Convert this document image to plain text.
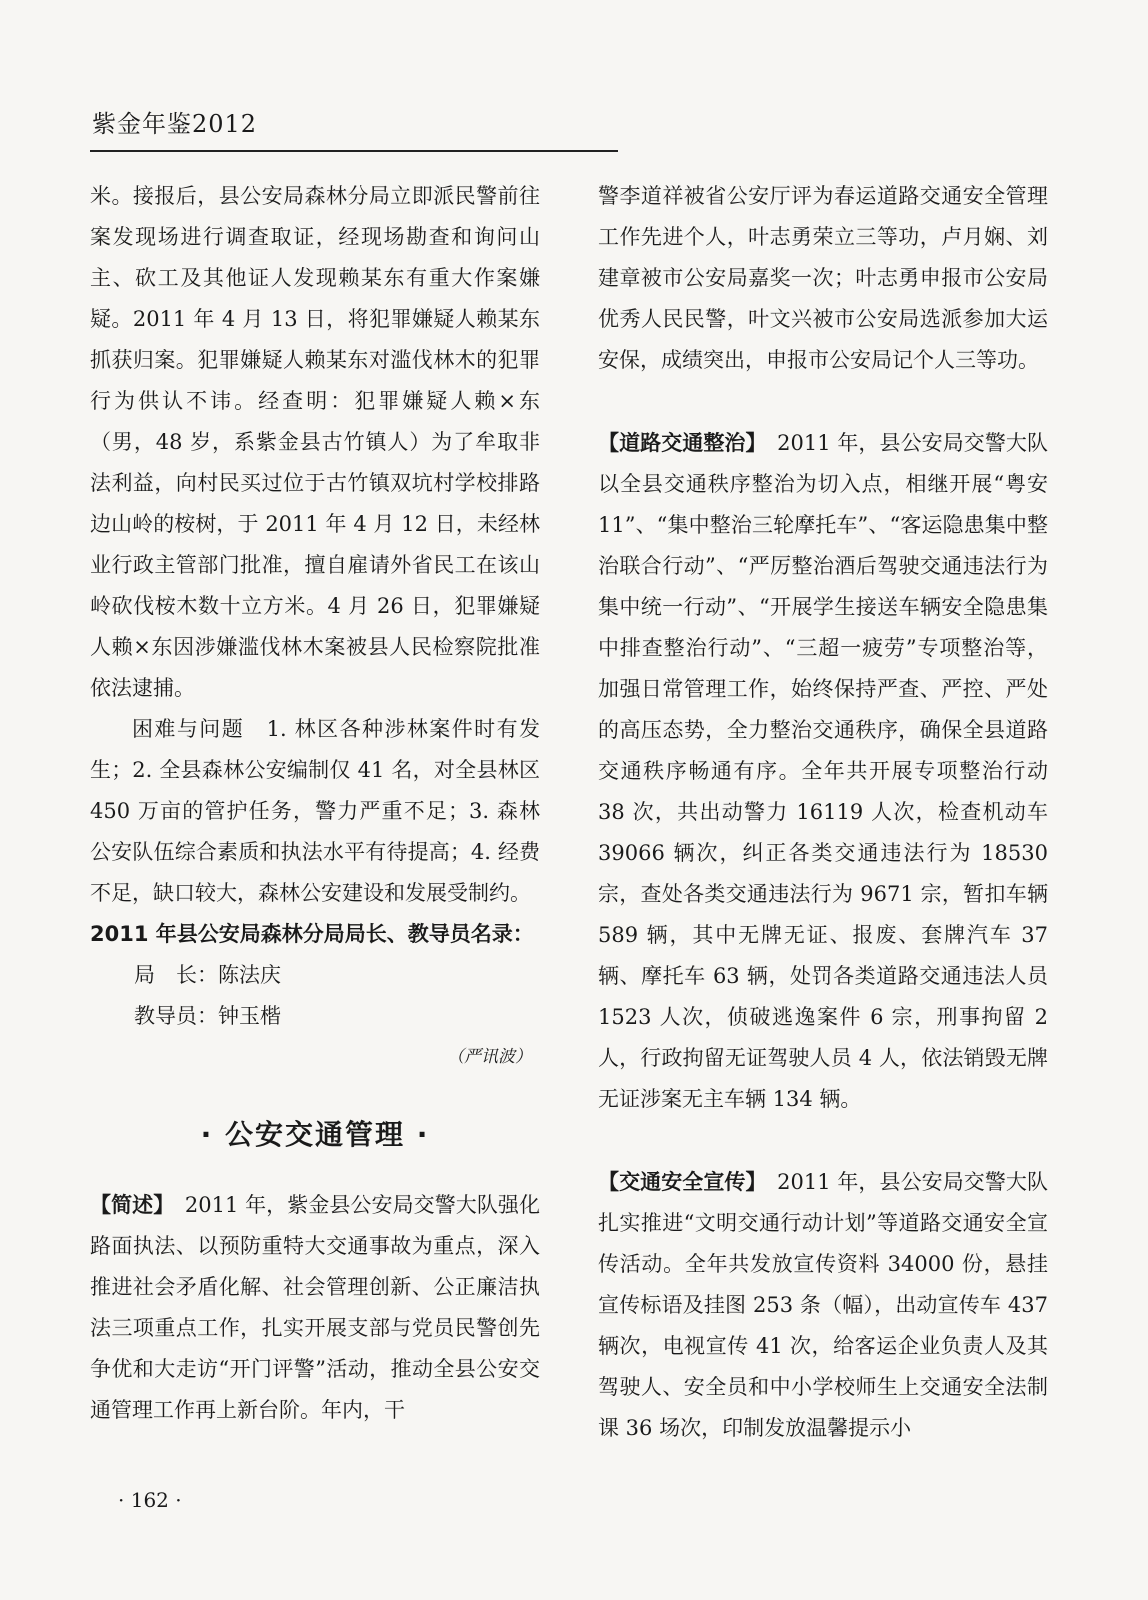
紫金年鉴2012

米。接报后，县公安局森林分局立即派民警前往案发现场进行调查取证，经现场勘查和询问山主、砍工及其他证人发现赖某东有重大作案嫌疑。2011 年 4 月 13 日，将犯罪嫌疑人赖某东抓获归案。犯罪嫌疑人赖某东对滥伐林木的犯罪行为供认不讳。经查明：犯罪嫌疑人赖×东（男，48 岁，系紫金县古竹镇人）为了牟取非法利益，向村民买过位于古竹镇双坑村学校排路边山岭的桉树，于 2011 年 4 月 12 日，未经林业行政主管部门批准，擅自雇请外省民工在该山岭砍伐桉木数十立方米。4 月 26 日，犯罪嫌疑人赖×东因涉嫌滥伐林木案被县人民检察院批准依法逮捕。

困难与问题　 1. 林区各种涉林案件时有发生；2. 全县森林公安编制仅 41 名，对全县林区 450 万亩的管护任务，警力严重不足；3. 森林公安队伍综合素质和执法水平有待提高；4. 经费不足，缺口较大，森林公安建设和发展受制约。

2011 年县公安局森林分局局长、教导员名录：

局　长：陈法庆

教导员：钟玉楷

（严讯波）

· 公安交通管理 ·

【简述】　 2011 年，紫金县公安局交警大队强化路面执法、以预防重特大交通事故为重点，深入推进社会矛盾化解、社会管理创新、公正廉洁执法三项重点工作，扎实开展支部与党员民警创先争优和大走访“开门评警”活动，推动全县公安交通管理工作再上新台阶。年内，干

警李道祥被省公安厅评为春运道路交通安全管理工作先进个人，叶志勇荣立三等功，卢月娴、刘建章被市公安局嘉奖一次；叶志勇申报市公安局优秀人民民警，叶文兴被市公安局选派参加大运安保，成绩突出，申报市公安局记个人三等功。

【道路交通整治】　 2011 年，县公安局交警大队以全县交通秩序整治为切入点，相继开展“粤安 11”、“集中整治三轮摩托车”、“客运隐患集中整治联合行动”、“严厉整治酒后驾驶交通违法行为集中统一行动”、“开展学生接送车辆安全隐患集中排查整治行动”、“三超一疲劳”专项整治等，加强日常管理工作，始终保持严查、严控、严处的高压态势，全力整治交通秩序，确保全县道路交通秩序畅通有序。全年共开展专项整治行动 38 次，共出动警力 16119 人次，检查机动车 39066 辆次，纠正各类交通违法行为 18530 宗，查处各类交通违法行为 9671 宗，暂扣车辆 589 辆，其中无牌无证、报废、套牌汽车 37 辆、摩托车 63 辆，处罚各类道路交通违法人员 1523 人次，侦破逃逸案件 6 宗，刑事拘留 2 人，行政拘留无证驾驶人员 4 人，依法销毁无牌无证涉案无主车辆 134 辆。

【交通安全宣传】　 2011 年，县公安局交警大队扎实推进“文明交通行动计划”等道路交通安全宣传活动。全年共发放宣传资料 34000 份，悬挂宣传标语及挂图 253 条（幅），出动宣传车 437 辆次，电视宣传 41 次，给客运企业负责人及其驾驶人、安全员和中小学校师生上交通安全法制课 36 场次，印制发放温馨提示小

· 162 ·
